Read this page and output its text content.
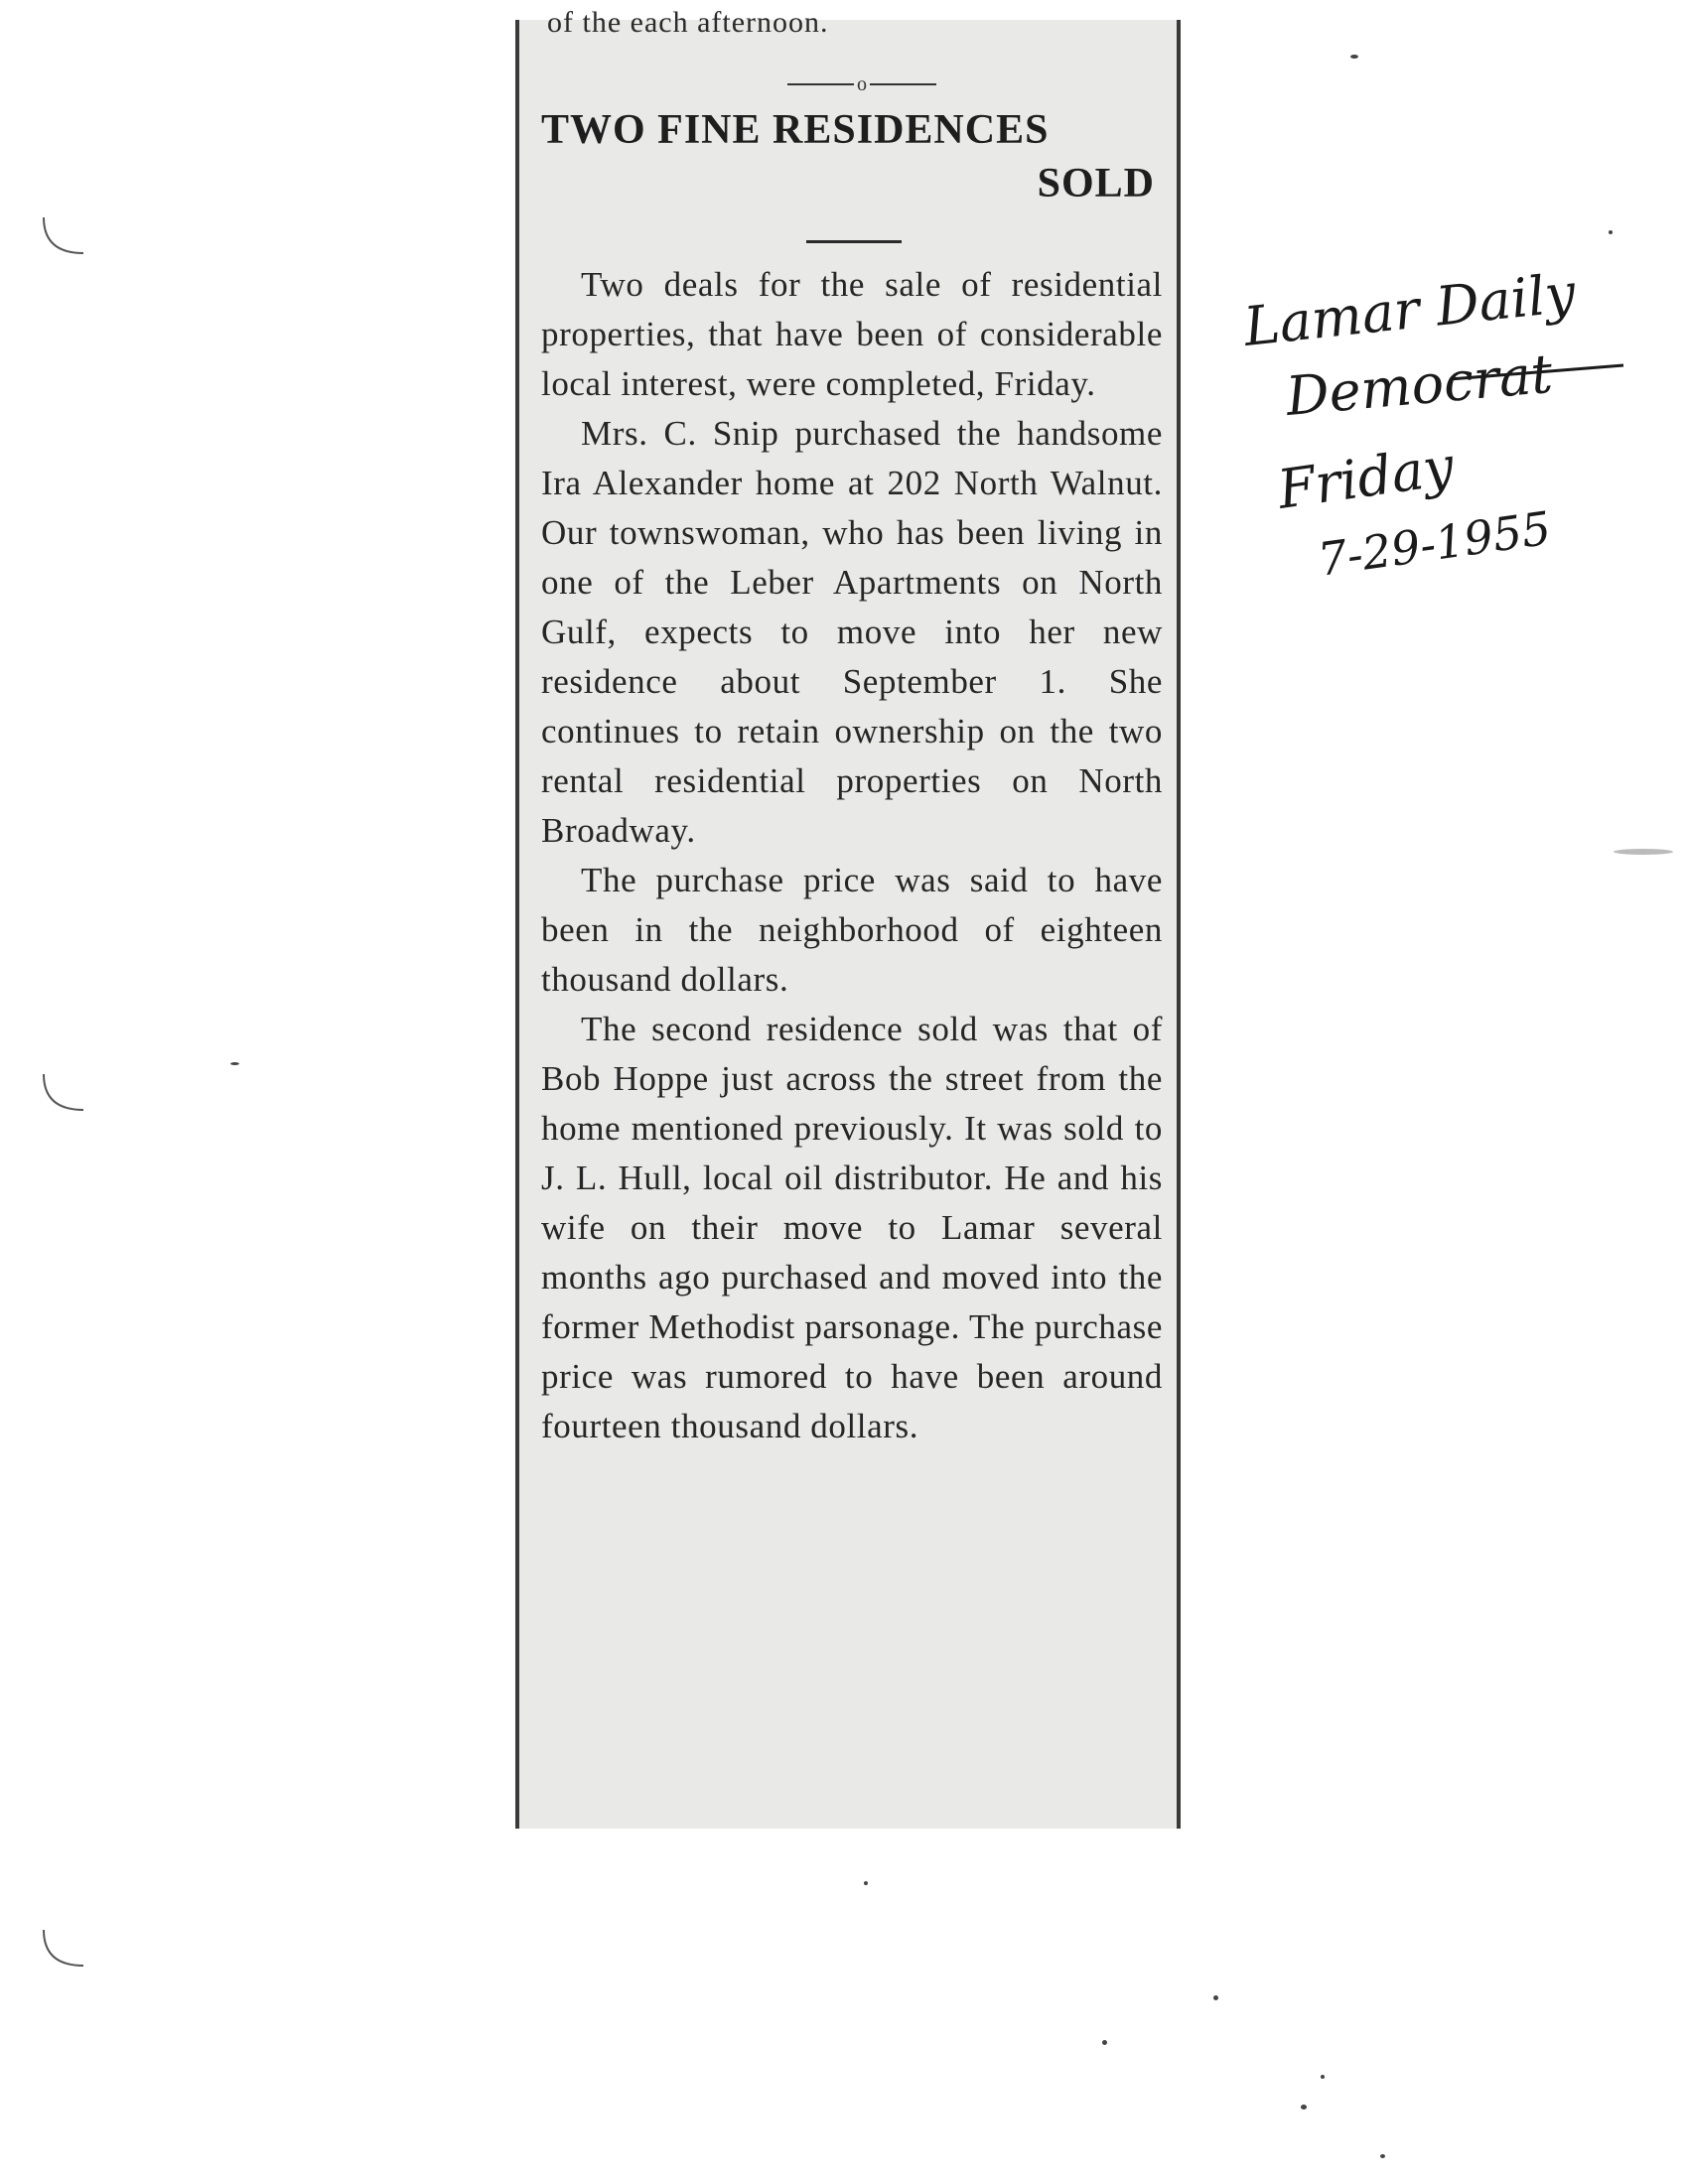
of the each afternoon.
o
TWO FINE RESIDENCES
SOLD

Two deals for the sale of residential properties, that have been of considerable local interest, were completed, Friday.

Mrs. C. Snip purchased the handsome Ira Alexander home at 202 North Walnut. Our townswoman, who has been living in one of the Leber Apartments on North Gulf, expects to move into her new residence about September 1. She continues to retain ownership on the two rental residential properties on North Broadway.

The purchase price was said to have been in the neighborhood of eighteen thousand dollars.

The second residence sold was that of Bob Hoppe just across the street from the home mentioned previously. It was sold to J. L. Hull, local oil distributor. He and his wife on their move to Lamar several months ago purchased and moved into the former Methodist parsonage. The purchase price was rumored to have been around fourteen thousand dollars.

Lamar Daily
Democrat
Friday
7-29-1955
